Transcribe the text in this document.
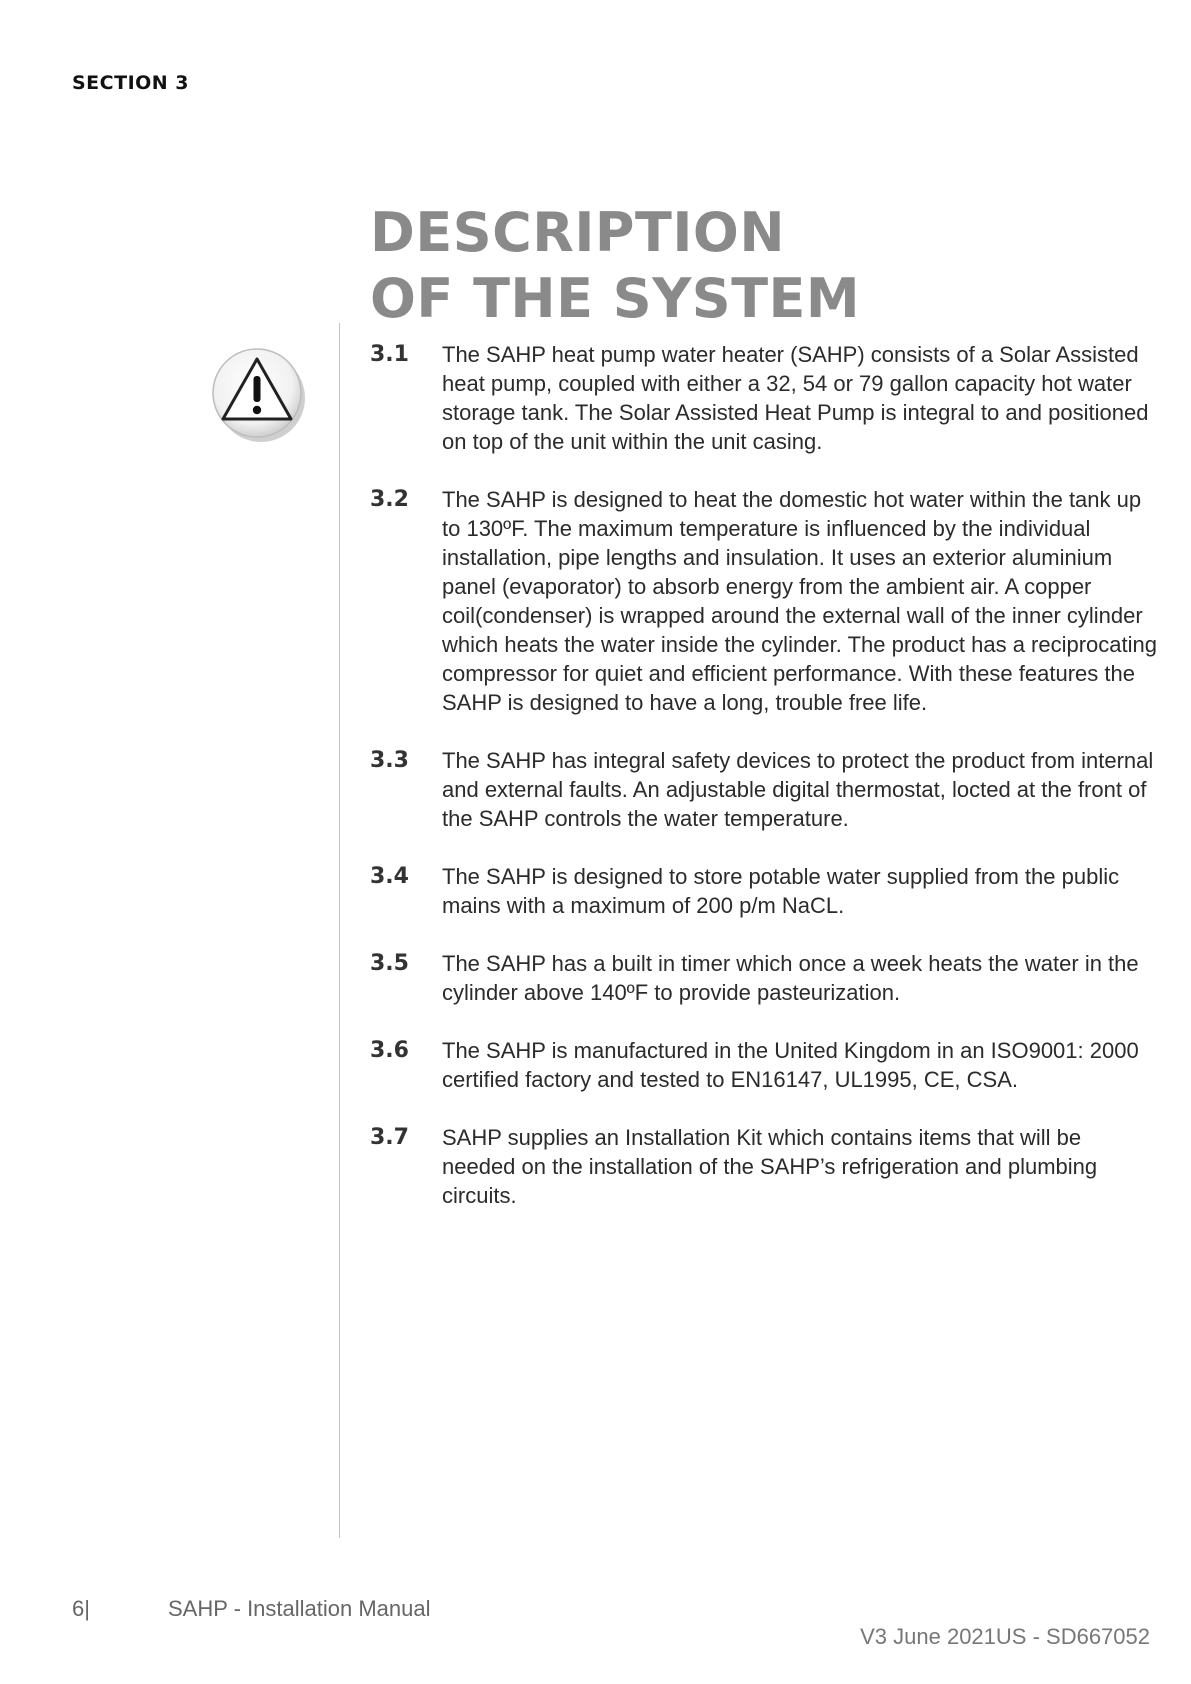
SECTION 3
DESCRIPTION
OF THE SYSTEM
3.1	The SAHP heat pump water heater (SAHP) consists of a Solar Assisted heat pump, coupled with either a 32, 54 or 79 gallon capacity hot water storage tank. The Solar Assisted Heat Pump is integral to and positioned on top of the unit within the unit casing.
3.2	The SAHP is designed to heat the domestic hot water within the tank up to 130ºF. The maximum temperature is influenced by the individual installation, pipe lengths and insulation. It uses an exterior aluminium panel (evaporator) to absorb energy from the ambient air. A copper coil(condenser) is wrapped around the external wall of the inner cylinder which heats the water inside the cylinder. The product has a reciprocating compressor for quiet and efficient performance. With these features the SAHP is designed to have a long, trouble free life.
3.3	The SAHP has integral safety devices to protect the product from internal and external faults. An adjustable digital thermostat, locted at the front of the SAHP controls the water temperature.
3.4	The SAHP is designed to store potable water supplied from the public mains with a maximum of 200 p/m NaCL.
3.5	The SAHP has a built in timer which once a week heats the water in the cylinder above 140ºF to provide pasteurization.
3.6	The SAHP is manufactured in the United Kingdom in an ISO9001: 2000 certified factory and tested to EN16147, UL1995, CE, CSA.
3.7	SAHP supplies an Installation Kit which contains items that will be needed on the installation of the SAHP’s refrigeration and plumbing circuits.
6|	SAHP - Installation Manual
V3 June 2021US - SD667052
